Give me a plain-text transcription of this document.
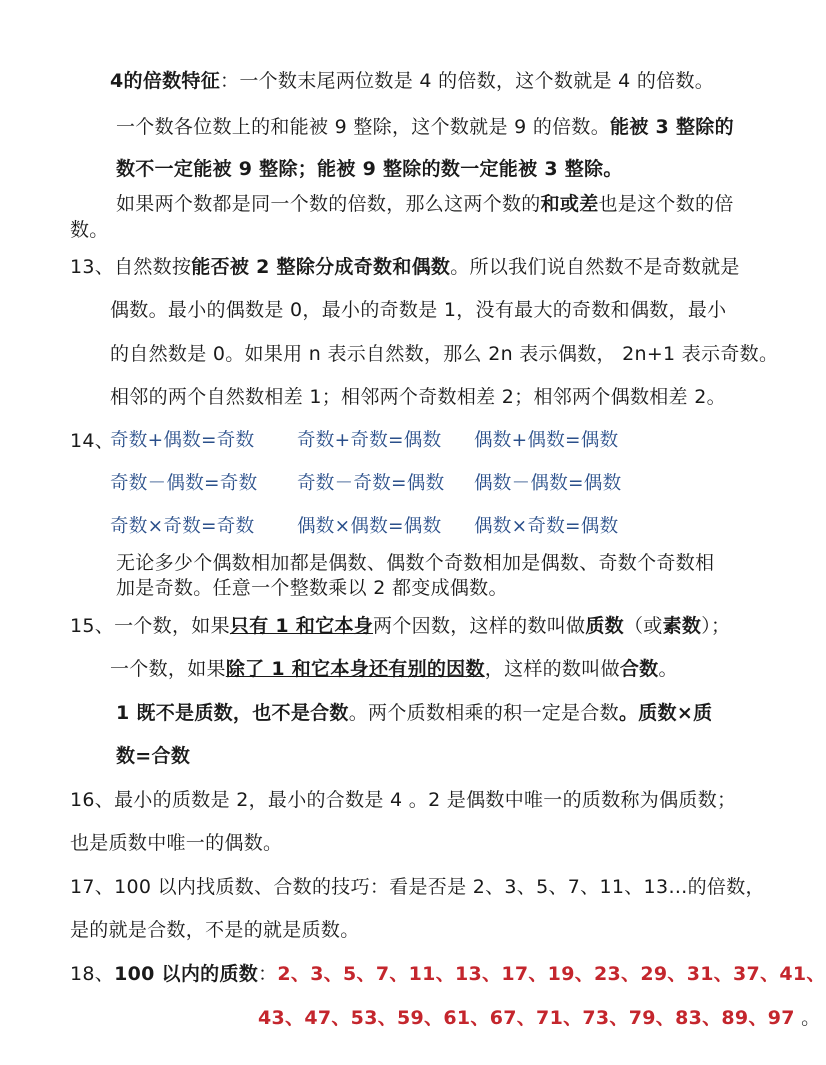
4的倍数特征：一个数末尾两位数是 4 的倍数，这个数就是 4 的倍数。
一个数各位数上的和能被 9 整除，这个数就是 9 的倍数。能被 3 整除的
数不一定能被 9 整除；能被 9 整除的数一定能被 3 整除。
如果两个数都是同一个数的倍数，那么这两个数的和或差也是这个数的倍
数。
13、自然数按能否被 2 整除分成奇数和偶数。所以我们说自然数不是奇数就是
偶数。最小的偶数是 0，最小的奇数是 1，没有最大的奇数和偶数，最小
的自然数是 0。如果用 n 表示自然数，那么 2n 表示偶数， 2n+1 表示奇数。
相邻的两个自然数相差 1；相邻两个奇数相差 2；相邻两个偶数相差 2。
14、
奇数+偶数=奇数 奇数+奇数=偶数 偶数+偶数=偶数
奇数－偶数=奇数 奇数－奇数=偶数 偶数－偶数=偶数
奇数×奇数=奇数 偶数×偶数=偶数 偶数×奇数=偶数
无论多少个偶数相加都是偶数、偶数个奇数相加是偶数、奇数个奇数相
加是奇数。任意一个整数乘以 2 都变成偶数。
15、一个数，如果只有 1 和它本身两个因数，这样的数叫做质数（或素数）；
一个数，如果除了 1 和它本身还有别的因数，这样的数叫做合数。
1 既不是质数，也不是合数。两个质数相乘的积一定是合数。质数×质
数=合数
16、最小的质数是 2，最小的合数是 4 。2 是偶数中唯一的质数称为偶质数；
也是质数中唯一的偶数。
17、100 以内找质数、合数的技巧：看是否是 2、3、5、7、11、13…的倍数，
是的就是合数，不是的就是质数。
18、100 以内的质数：2、3、5、7、11、13、17、19、23、29、31、37、41、
43、47、53、59、61、67、71、73、79、83、89、97 。
